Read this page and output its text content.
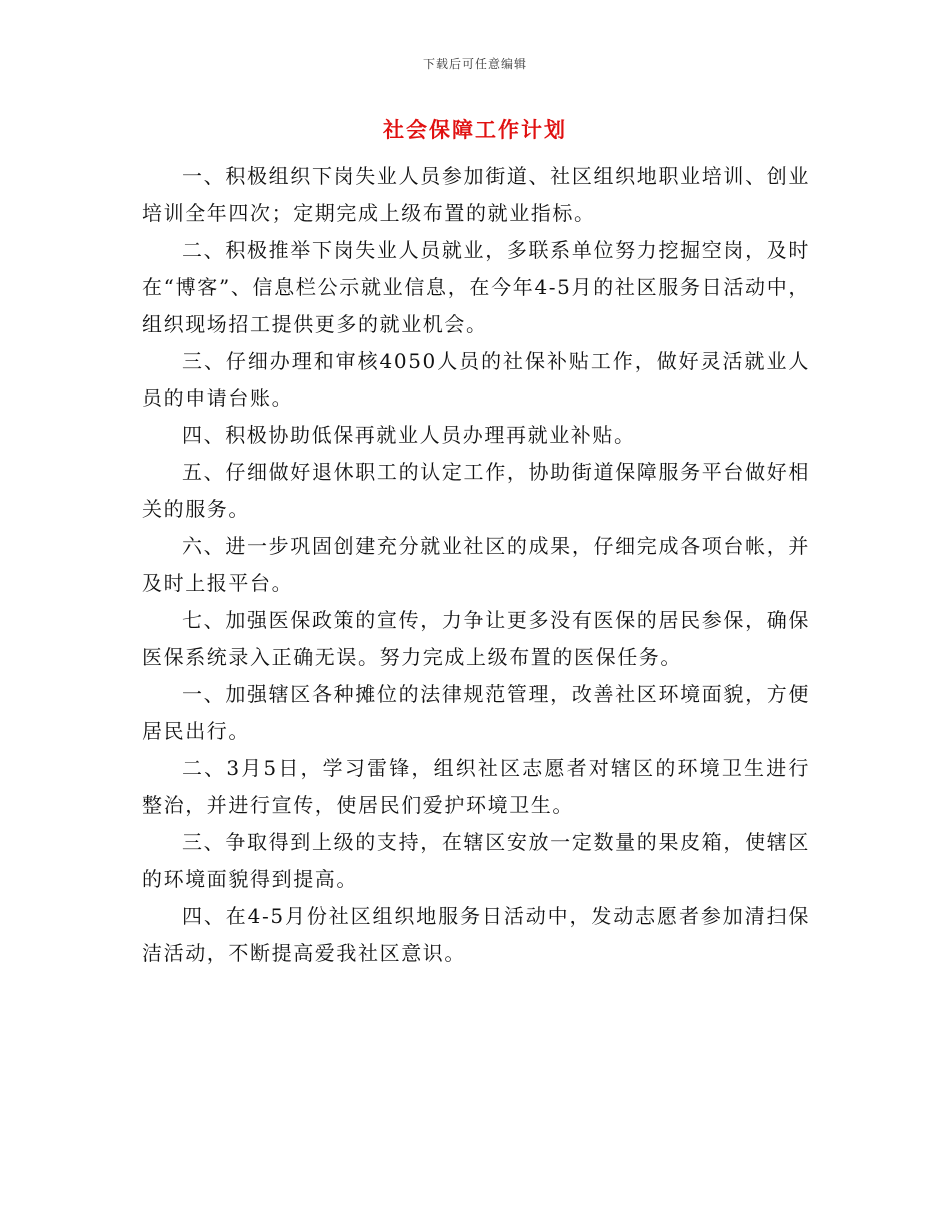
下载后可任意编辑
社会保障工作计划

一、积极组织下岗失业人员参加街道、社区组织地职业培训、创业培训全年四次；定期完成上级布置的就业指标。

二、积极推举下岗失业人员就业，多联系单位努力挖掘空岗，及时在“博客”、信息栏公示就业信息，在今年4-5月的社区服务日活动中，组织现场招工提供更多的就业机会。

三、仔细办理和审核4050人员的社保补贴工作，做好灵活就业人员的申请台账。

四、积极协助低保再就业人员办理再就业补贴。

五、仔细做好退休职工的认定工作，协助街道保障服务平台做好相关的服务。

六、进一步巩固创建充分就业社区的成果，仔细完成各项台帐，并及时上报平台。

七、加强医保政策的宣传，力争让更多没有医保的居民参保，确保医保系统录入正确无误。努力完成上级布置的医保任务。

一、加强辖区各种摊位的法律规范管理，改善社区环境面貌，方便居民出行。

二、3月5日，学习雷锋，组织社区志愿者对辖区的环境卫生进行整治，并进行宣传，使居民们爱护环境卫生。

三、争取得到上级的支持，在辖区安放一定数量的果皮箱，使辖区的环境面貌得到提高。

四、在4-5月份社区组织地服务日活动中，发动志愿者参加清扫保洁活动，不断提高爱我社区意识。
